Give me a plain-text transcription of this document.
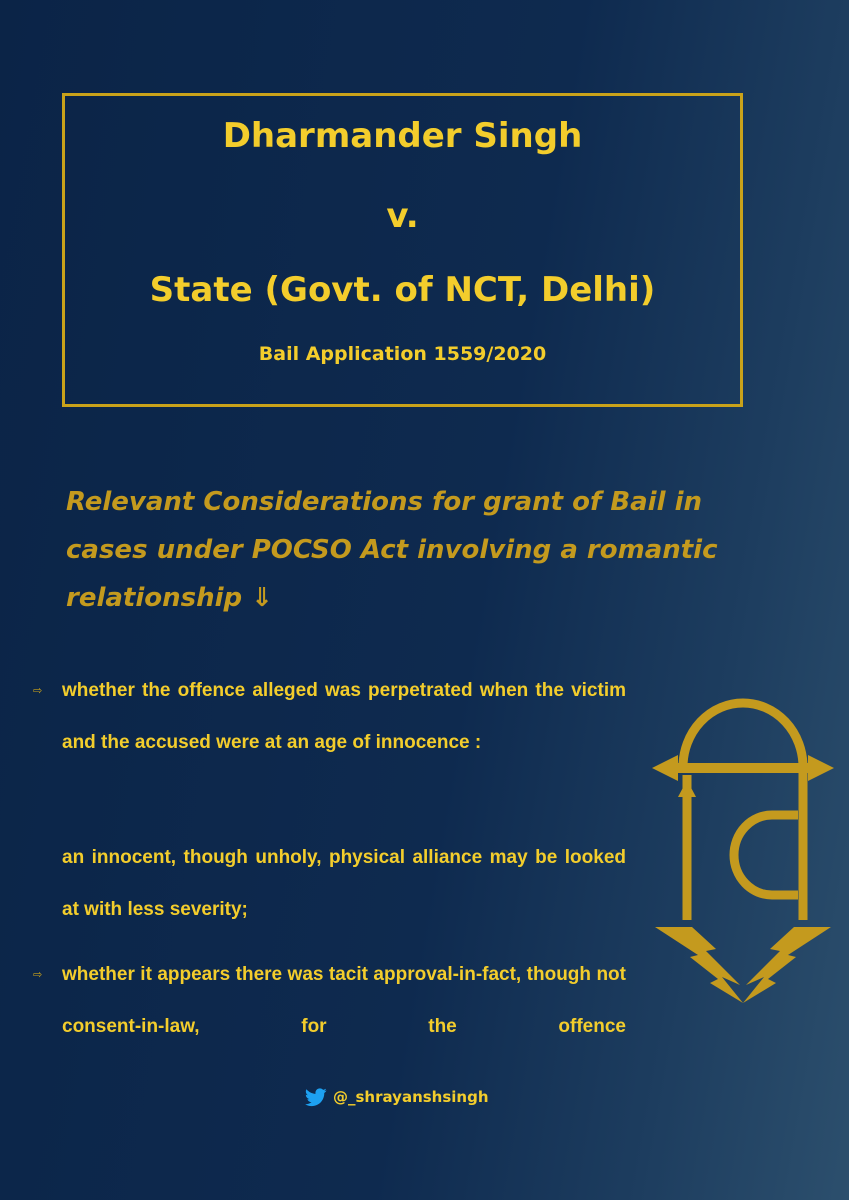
Dharmander Singh
v.
State (Govt. of NCT, Delhi)
Bail Application 1559/2020
Relevant Considerations for grant of Bail in
cases under POCSO Act involving a romantic
relationship ⇓
⇨ whether the offence alleged was perpetrated when the victim and the accused were at an age of innocence :
an innocent, though unholy, physical alliance may be looked at with less severity;
⇨ whether it appears there was tacit approval-in-fact, though not consent-in-law, for the offence
@_shrayanshsingh
